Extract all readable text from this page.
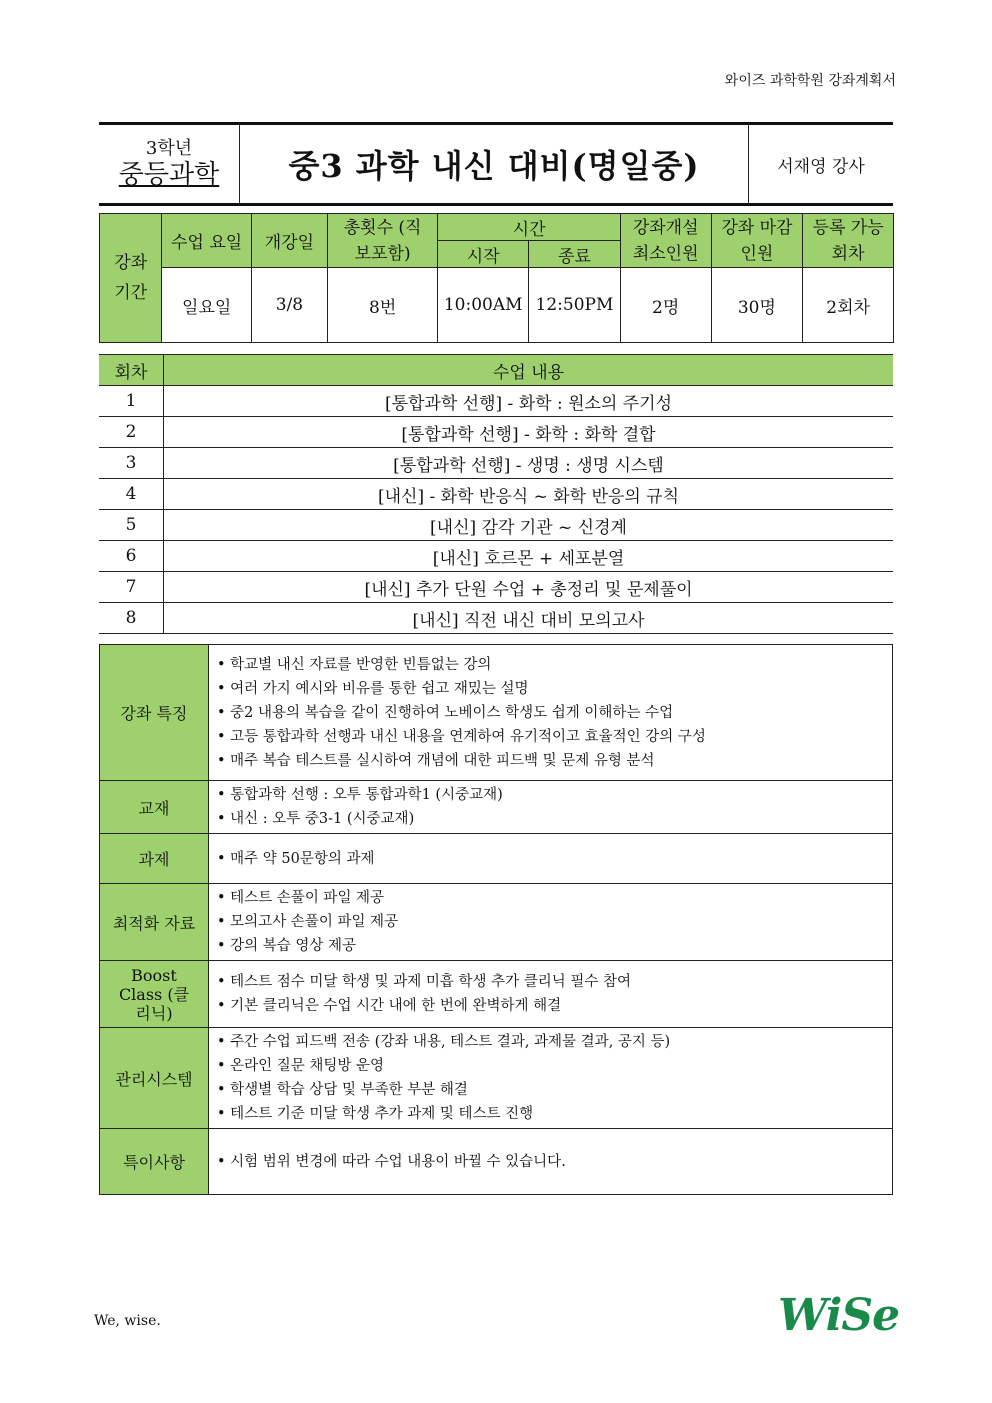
와이즈 과학학원 강좌계획서
3학년
중등과학	중3 과학 내신 대비(명일중)	서재영 강사
강좌 기간	수업 요일	개강일	총횟수 (직보포함)	시간		강좌개설 최소인원	강좌 마감인원	등록 가능회차
				시작	종료			
	일요일	3/8	8번	10:00AM	12:50PM	2명	30명	2회차
회차	수업 내용
1	[통합과학 선행] - 화학 : 원소의 주기성
2	[통합과학 선행] - 화학 : 화학 결합
3	[통합과학 선행] - 생명 : 생명 시스템
4	[내신] - 화학 반응식 ~ 화학 반응의 규칙
5	[내신] 감각 기관 ~ 신경계
6	[내신] 호르몬 + 세포분열
7	[내신] 추가 단원 수업 + 총정리 및 문제풀이
8	[내신] 직전 내신 대비 모의고사
강좌 특징	• 학교별 내신 자료를 반영한 빈틈없는 강의
• 여러 가지 예시와 비유를 통한 쉽고 재밌는 설명
• 중2 내용의 복습을 같이 진행하여 노베이스 학생도 쉽게 이해하는 수업
• 고등 통합과학 선행과 내신 내용을 연계하여 유기적이고 효율적인 강의 구성
• 매주 복습 테스트를 실시하여 개념에 대한 피드백 및 문제 유형 분석

교재	• 통합과학 선행 : 오투 통합과학1 (시중교재)
• 내신 : 오투 중3-1 (시중교재)

과제	• 매주 약 50문항의 과제

최적화 자료	• 테스트 손풀이 파일 제공
• 모의고사 손풀이 파일 제공
• 강의 복습 영상 제공

Boost Class (클리닉)	• 테스트 점수 미달 학생 및 과제 미흡 학생 추가 클리닉 필수 참여
• 기본 클리닉은 수업 시간 내에 한 번에 완벽하게 해결

관리시스템	• 주간 수업 피드백 전송 (강좌 내용, 테스트 결과, 과제물 결과, 공지 등)
• 온라인 질문 채팅방 운영
• 학생별 학습 상담 및 부족한 부분 해결
• 테스트 기준 미달 학생 추가 과제 및 테스트 진행

특이사항	• 시험 범위 변경에 따라 수업 내용이 바뀔 수 있습니다.
We, wise.	WiSe
